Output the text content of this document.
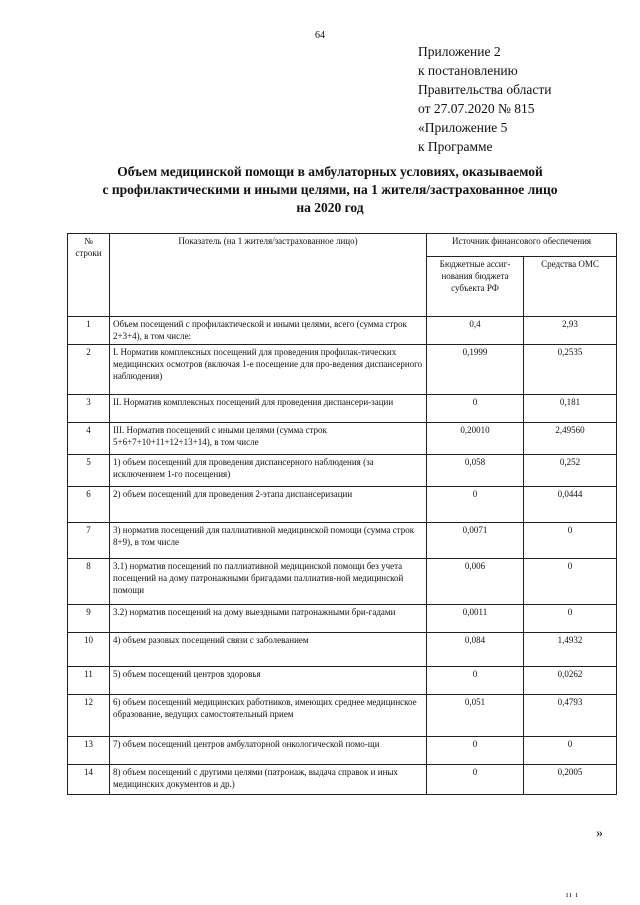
64
Приложение 2
к постановлению
Правительства области
от 27.07.2020 № 815
«Приложение 5
к Программе
Объем медицинской помощи в амбулаторных условиях, оказываемой
с профилактическими и иными целями, на 1 жителя/застрахованное лицо
на 2020 год
№ строки	Показатель (на 1 жителя/застрахованное лицо)	Источник финансового обеспечения	
		Бюджетные ассиг-нования бюджета субъекта РФ	Средства ОМС
1	Объем посещений с профилактической и иными целями, всего (сумма строк 2+3+4), в том числе:	0,4	2,93
2	I. Норматив комплексных посещений для проведения профилак-тических медицинских осмотров (включая 1-е посещение для про-ведения диспансерного наблюдения)	0,1999	0,2535
3	II. Норматив комплексных посещений для проведения диспансери-зации	0	0,181
4	III. Норматив посещений с иными целями (сумма строк 5+6+7+10+11+12+13+14), в том числе	0,20010	2,49560
5	1) объем посещений для проведения диспансерного наблюдения (за исключением 1-го посещения)	0,058	0,252
6	2) объем посещений для проведения 2-этапа диспансеризации	0	0,0444
7	3) норматив посещений для паллиативной медицинской помощи (сумма строк 8+9), в том числе	0,0071	0
8	3.1) норматив посещений по паллиативной медицинской помощи без учета посещений на дому патронажными бригадами паллиатив-ной медицинской помощи	0,006	0
9	3.2) норматив посещений на дому выездными патронажными бри-гадами	0,0011	0
10	4) объем разовых посещений связи с заболеванием	0,084	1,4932
11	5) объем посещений центров здоровья	0	0,0262
12	6) объем посещений медицинских работников, имеющих среднее медицинское образование, ведущих самостоятельный прием	0,051	0,4793
13	7) объем посещений центров амбулаторной онкологической помо-щи	0	0
14	8) объем посещений с другими целями (патронаж, выдача справок и иных медицинских документов и др.)	0	0,2005
»
ıı ı
